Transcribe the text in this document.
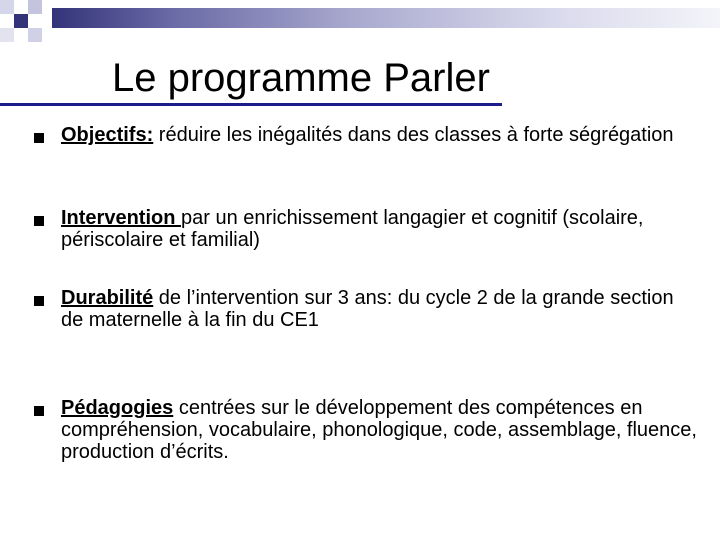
Le programme Parler
Objectifs: réduire les inégalités dans des classes à forte ségrégation
Intervention par un enrichissement langagier et cognitif (scolaire, périscolaire et familial)
Durabilité de l’intervention sur 3 ans: du cycle 2 de la grande section de maternelle à la fin du CE1
Pédagogies centrées sur le développement des compétences en compréhension, vocabulaire, phonologique, code, assemblage, fluence, production d’écrits.
